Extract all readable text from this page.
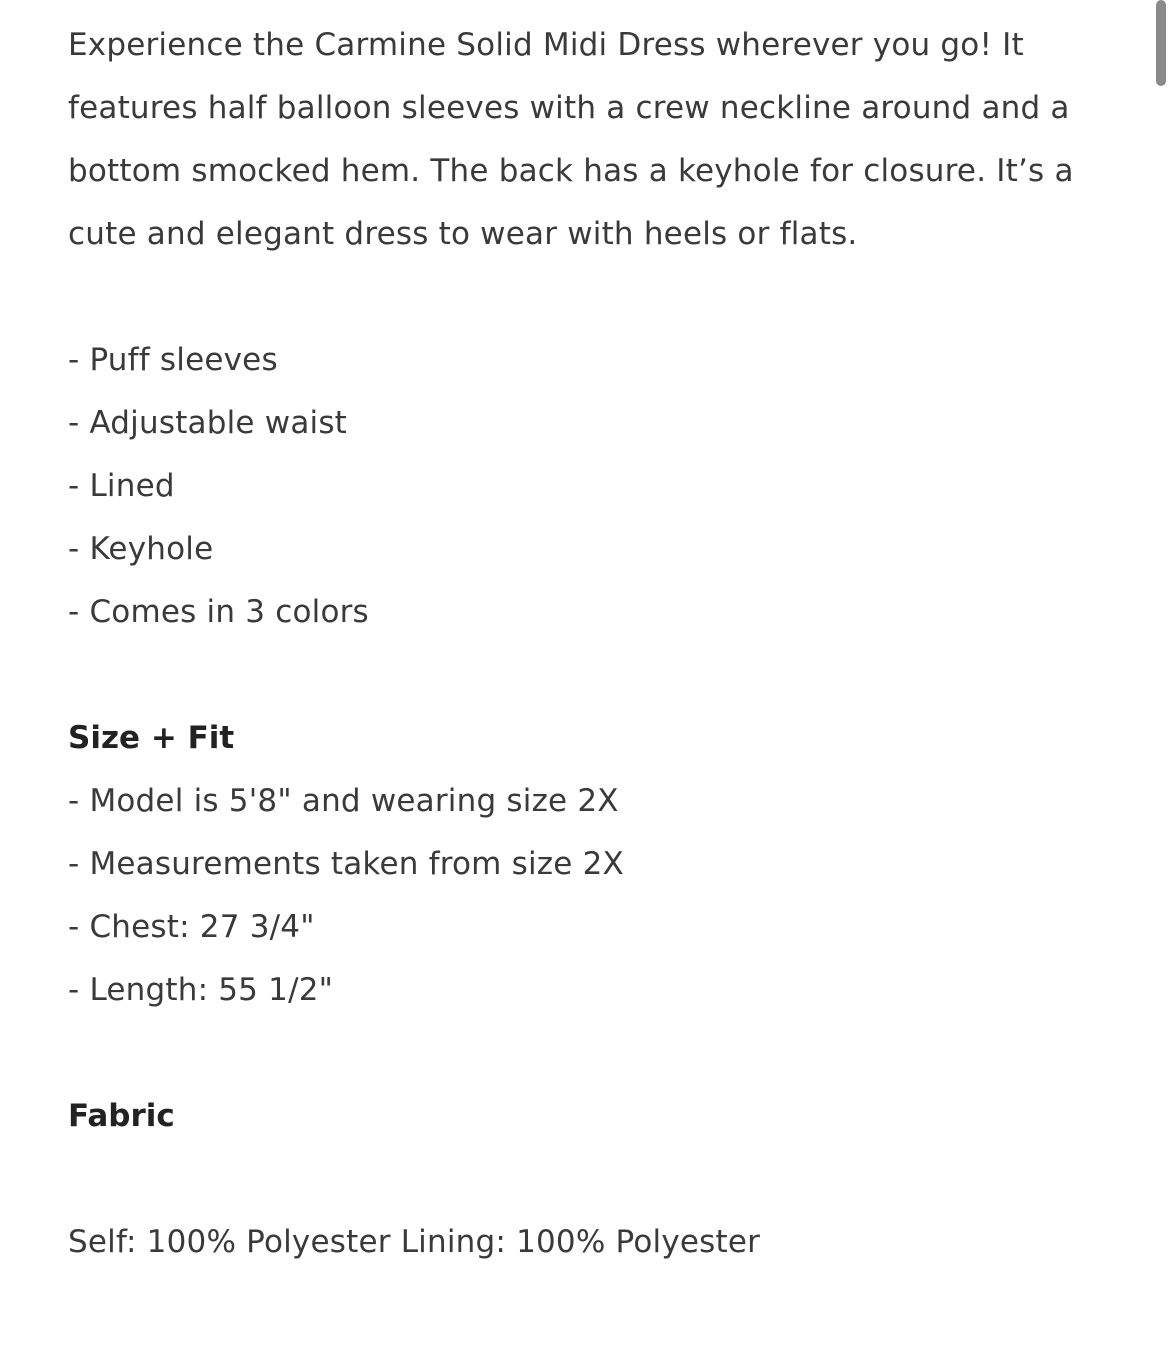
Experience the Carmine Solid Midi Dress wherever you go! It features half balloon sleeves with a crew neckline around and a bottom smocked hem. The back has a keyhole for closure. It’s a cute and elegant dress to wear with heels or flats.

- Puff sleeves
- Adjustable waist
- Lined
- Keyhole
- Comes in 3 colors
Size + Fit
- Model is 5'8" and wearing size 2X
- Measurements taken from size 2X
- Chest: 27 3/4"
- Length: 55 1/2"
Fabric

Self: 100% Polyester Lining: 100% Polyester
